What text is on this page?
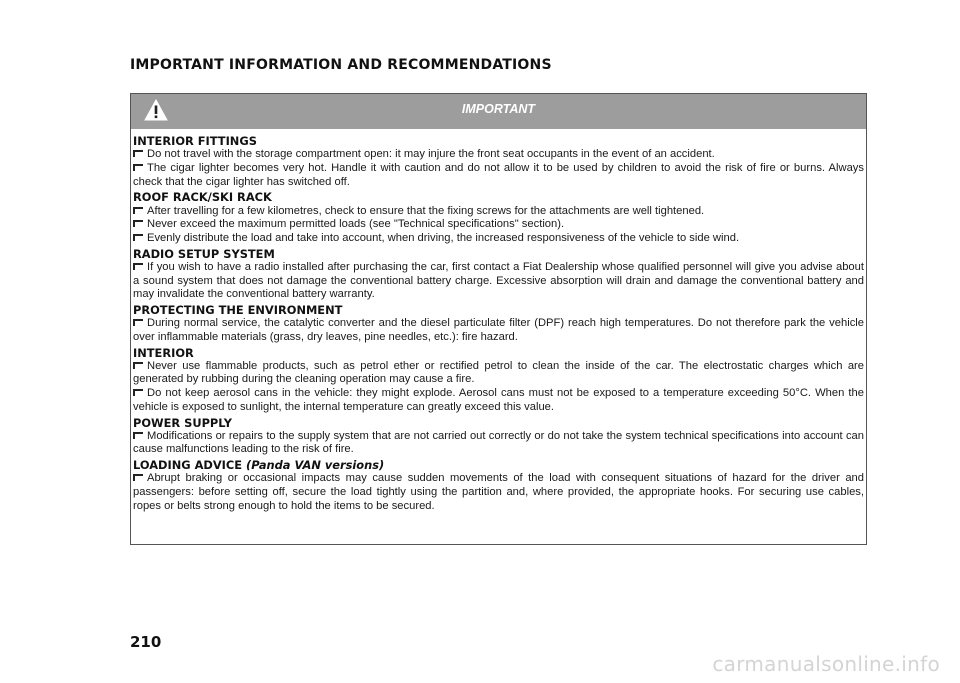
IMPORTANT INFORMATION AND RECOMMENDATIONS
IMPORTANT
INTERIOR FITTINGS
Do not travel with the storage compartment open: it may injure the front seat occupants in the event of an accident.
The cigar lighter becomes very hot. Handle it with caution and do not allow it to be used by children to avoid the risk of fire or burns. Always check that the cigar lighter has switched off.
ROOF RACK/SKI RACK
After travelling for a few kilometres, check to ensure that the fixing screws for the attachments are well tightened.
Never exceed the maximum permitted loads (see "Technical specifications" section).
Evenly distribute the load and take into account, when driving, the increased responsiveness of the vehicle to side wind.
RADIO SETUP SYSTEM
If you wish to have a radio installed after purchasing the car, first contact a Fiat Dealership whose qualified personnel will give you advise about a sound system that does not damage the conventional battery charge. Excessive absorption will drain and damage the conventional battery and may invalidate the conventional battery warranty.
PROTECTING THE ENVIRONMENT
During normal service, the catalytic converter and the diesel particulate filter (DPF) reach high temperatures. Do not therefore park the vehicle over inflammable materials (grass, dry leaves, pine needles, etc.): fire hazard.
INTERIOR
Never use flammable products, such as petrol ether or rectified petrol to clean the inside of the car. The electrostatic charges which are generated by rubbing during the cleaning operation may cause a fire.
Do not keep aerosol cans in the vehicle: they might explode. Aerosol cans must not be exposed to a temperature exceeding 50°C. When the vehicle is exposed to sunlight, the internal temperature can greatly exceed this value.
POWER SUPPLY
Modifications or repairs to the supply system that are not carried out correctly or do not take the system technical specifications into account can cause malfunctions leading to the risk of fire.
LOADING ADVICE (Panda VAN versions)
Abrupt braking or occasional impacts may cause sudden movements of the load with consequent situations of hazard for the driver and passengers: before setting off, secure the load tightly using the partition and, where provided, the appropriate hooks. For securing use cables, ropes or belts strong enough to hold the items to be secured.
210
carmanualsonline.info
